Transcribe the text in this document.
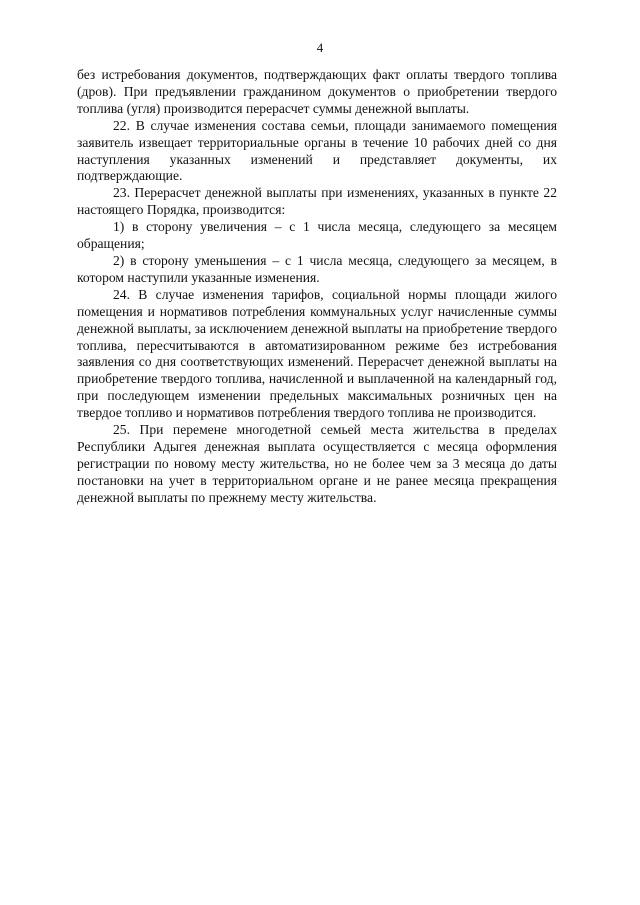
4

без истребования документов, подтверждающих факт оплаты твердого топлива (дров). При предъявлении гражданином документов о приобретении твердого топлива (угля) производится перерасчет суммы денежной выплаты.

22. В случае изменения состава семьи, площади занимаемого помещения заявитель извещает территориальные органы в течение 10 рабочих дней со дня наступления указанных изменений и представляет документы, их подтверждающие.

23. Перерасчет денежной выплаты при изменениях, указанных в пункте 22 настоящего Порядка, производится:

1) в сторону увеличения – с 1 числа месяца, следующего за месяцем обращения;

2) в сторону уменьшения – с 1 числа месяца, следующего за месяцем, в котором наступили указанные изменения.

24. В случае изменения тарифов, социальной нормы площади жилого помещения и нормативов потребления коммунальных услуг начисленные суммы денежной выплаты, за исключением денежной выплаты на приобретение твердого топлива, пересчитываются в автоматизированном режиме без истребования заявления со дня соответствующих изменений. Перерасчет денежной выплаты на приобретение твердого топлива, начисленной и выплаченной на календарный год, при последующем изменении предельных максимальных розничных цен на твердое топливо и нормативов потребления твердого топлива не производится.

25. При перемене многодетной семьей места жительства в пределах Республики Адыгея денежная выплата осуществляется с месяца оформления регистрации по новому месту жительства, но не более чем за 3 месяца до даты постановки на учет в территориальном органе и не ранее месяца прекращения денежной выплаты по прежнему месту жительства.
